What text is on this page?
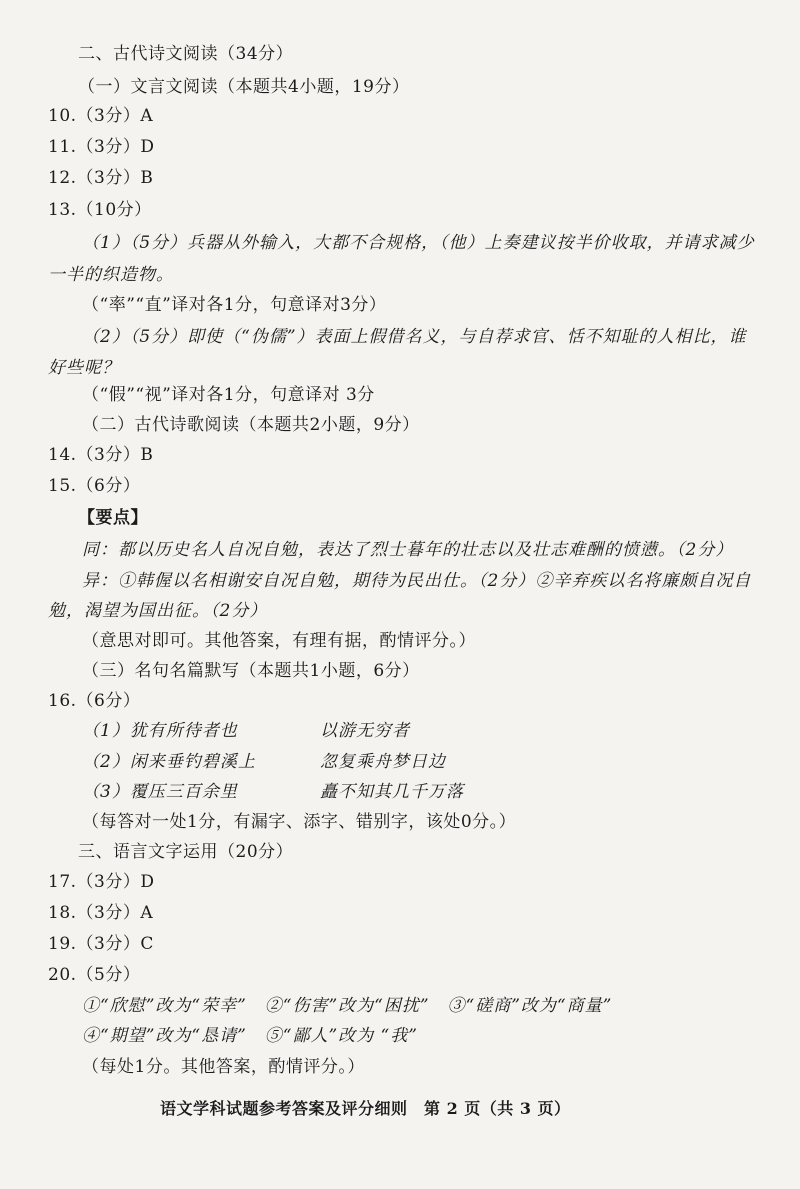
二、古代诗文阅读（34分）
（一）文言文阅读（本题共4小题，19分）
10.（3分）A
11.（3分）D
12.（3分）B
13.（10分）
（1）（5分）兵器从外输入，大都不合规格，（他）上奏建议按半价收取，并请求减少
一半的织造物。
（“率”“直”译对各1分，句意译对3分）
（2）（5分）即使（“伪儒”）表面上假借名义，与自荐求官、恬不知耻的人相比，谁
好些呢？
（“假”“视”译对各1分，句意译对 3分
（二）古代诗歌阅读（本题共2小题，9分）
14.（3分）B
15.（6分）
【要点】
同：都以历史名人自况自勉，表达了烈士暮年的壮志以及壮志难酬的愤懑。（2分）
异：①韩偓以名相谢安自况自勉，期待为民出仕。（2分）②辛弃疾以名将廉颇自况自
勉，渴望为国出征。（2分）
（意思对即可。其他答案，有理有据，酌情评分。）
（三）名句名篇默写（本题共1小题，6分）
16.（6分）
（1）犹有所待者也	以游无穷者
（2）闲来垂钓碧溪上	忽复乘舟梦日边
（3）覆压三百余里	矗不知其几千万落
（每答对一处1分，有漏字、添字、错别字，该处0分。）
三、语言文字运用（20分）
17.（3分）D
18.（3分）A
19.（3分）C
20.（5分）
①“欣慰”改为“荣幸”　②“伤害”改为“困扰”　③“磋商”改为“商量”
④“期望”改为“恳请”　⑤“鄙人”改为 “我”
（每处1分。其他答案，酌情评分。）
语文学科试题参考答案及评分细则　第 2 页（共 3 页）
